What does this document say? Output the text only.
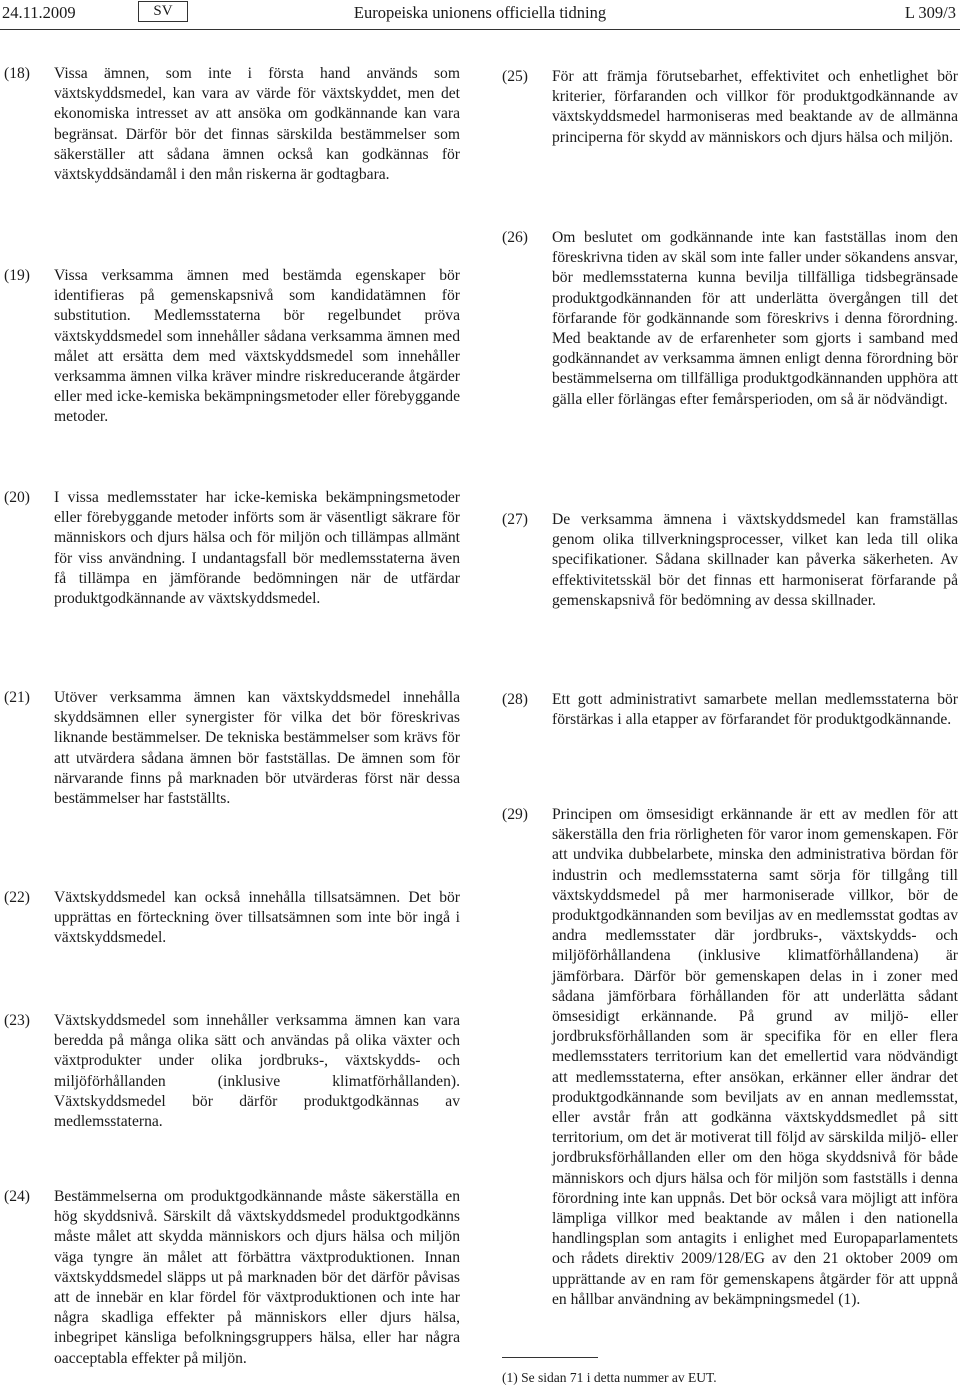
24.11.2009	SV	Europeiska unionens officiella tidning	L 309/3
(18) Vissa ämnen, som inte i första hand används som växtskyddsmedel, kan vara av värde för växtskyddet, men det ekonomiska intresset av att ansöka om godkännande kan vara begränsat. Därför bör det finnas särskilda bestämmelser som säkerställer att sådana ämnen också kan godkännas för växtskyddsändamål i den mån riskerna är godtagbara.
(19) Vissa verksamma ämnen med bestämda egenskaper bör identifieras på gemenskapsnivå som kandidatämnen för substitution. Medlemsstaterna bör regelbundet pröva växtskyddsmedel som innehåller sådana verksamma ämnen med målet att ersätta dem med växtskyddsmedel som innehåller verksamma ämnen vilka kräver mindre riskreducerande åtgärder eller med icke-kemiska bekämpningsmetoder eller förebyggande metoder.
(20) I vissa medlemsstater har icke-kemiska bekämpningsmetoder eller förebyggande metoder införts som är väsentligt säkrare för människors och djurs hälsa och för miljön och tillämpas allmänt för viss användning. I undantagsfall bör medlemsstaterna även få tillämpa en jämförande bedömningen när de utfärdar produktgodkännande av växtskyddsmedel.
(21) Utöver verksamma ämnen kan växtskyddsmedel innehålla skyddsämnen eller synergister för vilka det bör föreskrivas liknande bestämmelser. De tekniska bestämmelser som krävs för att utvärdera sådana ämnen bör fastställas. De ämnen som för närvarande finns på marknaden bör utvärderas först när dessa bestämmelser har fastställts.
(22) Växtskyddsmedel kan också innehålla tillsatsämnen. Det bör upprättas en förteckning över tillsatsämnen som inte bör ingå i växtskyddsmedel.
(23) Växtskyddsmedel som innehåller verksamma ämnen kan vara beredda på många olika sätt och användas på olika växter och växtprodukter under olika jordbruks-, växtskydds- och miljöförhållanden (inklusive klimatförhållanden). Växtskyddsmedel bör därför produktgodkännas av medlemsstaterna.
(24) Bestämmelserna om produktgodkännande måste säkerställa en hög skyddsnivå. Särskilt då växtskyddsmedel produktgodkänns måste målet att skydda människors och djurs hälsa och miljön väga tyngre än målet att förbättra växtproduktionen. Innan växtskyddsmedel släpps ut på marknaden bör det därför påvisas att de innebär en klar fördel för växtproduktionen och inte har några skadliga effekter på människors eller djurs hälsa, inbegripet känsliga befolkningsgruppers hälsa, eller har några oacceptabla effekter på miljön.
(25) För att främja förutsebarhet, effektivitet och enhetlighet bör kriterier, förfaranden och villkor för produktgodkännande av växtskyddsmedel harmoniseras med beaktande av de allmänna principerna för skydd av människors och djurs hälsa och miljön.
(26) Om beslutet om godkännande inte kan fastställas inom den föreskrivna tiden av skäl som inte faller under sökandens ansvar, bör medlemsstaterna kunna bevilja tillfälliga tidsbegränsade produktgodkännanden för att underlätta övergången till det förfarande för godkännande som föreskrivs i denna förordning. Med beaktande av de erfarenheter som gjorts i samband med godkännandet av verksamma ämnen enligt denna förordning bör bestämmelserna om tillfälliga produktgodkännanden upphöra att gälla eller förlängas efter femårsperioden, om så är nödvändigt.
(27) De verksamma ämnena i växtskyddsmedel kan framställas genom olika tillverkningsprocesser, vilket kan leda till olika specifikationer. Sådana skillnader kan påverka säkerheten. Av effektivitetsskäl bör det finnas ett harmoniserat förfarande på gemenskapsnivå för bedömning av dessa skillnader.
(28) Ett gott administrativt samarbete mellan medlemsstaterna bör förstärkas i alla etapper av förfarandet för produktgodkännande.
(29) Principen om ömsesidigt erkännande är ett av medlen för att säkerställa den fria rörligheten för varor inom gemenskapen. För att undvika dubbelarbete, minska den administrativa bördan för industrin och medlemsstaterna samt sörja för tillgång till växtskyddsmedel på mer harmoniserade villkor, bör de produktgodkännanden som beviljas av en medlemsstat godtas av andra medlemsstater där jordbruks-, växtskydds- och miljöförhållandena (inklusive klimatförhållandena) är jämförbara. Därför bör gemenskapen delas in i zoner med sådana jämförbara förhållanden för att underlätta sådant ömsesidigt erkännande. På grund av miljö- eller jordbruksförhållanden som är specifika för en eller flera medlemsstaters territorium kan det emellertid vara nödvändigt att medlemsstaterna, efter ansökan, erkänner eller ändrar det produktgodkännande som beviljats av en annan medlemsstat, eller avstår från att godkänna växtskyddsmedlet på sitt territorium, om det är motiverat till följd av särskilda miljö- eller jordbruksförhållanden eller om den höga skyddsnivå för både människors och djurs hälsa och för miljön som fastställs i denna förordning inte kan uppnås. Det bör också vara möjligt att införa lämpliga villkor med beaktande av målen i den nationella handlingsplan som antagits i enlighet med Europaparlamentets och rådets direktiv 2009/128/EG av den 21 oktober 2009 om upprättande av en ram för gemenskapens åtgärder för att uppnå en hållbar användning av bekämpningsmedel (1).
(1) Se sidan 71 i detta nummer av EUT.
